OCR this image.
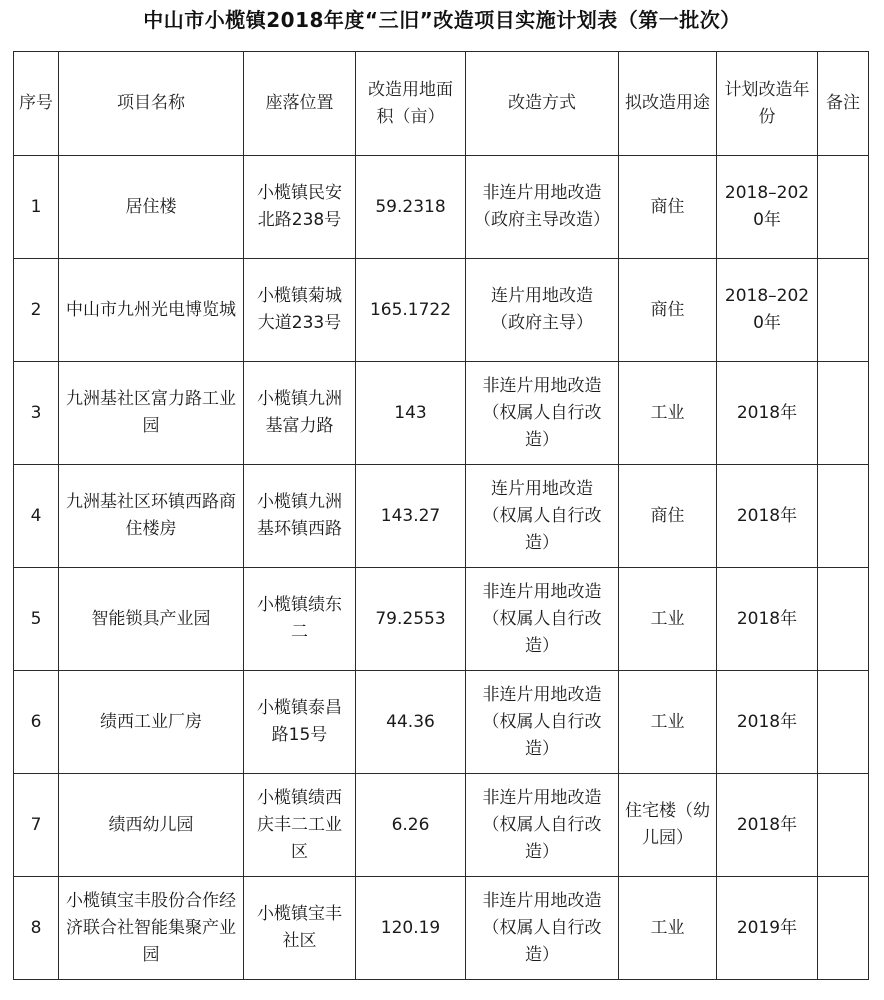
中山市小榄镇2018年度“三旧”改造项目实施计划表（第一批次）
序号	项目名称	座落位置	改造用地面积（亩）	改造方式	拟改造用途	计划改造年份	备注
1	居住楼	小榄镇民安北路238号	59.2318	非连片用地改造　　（政府主导改造）	商住	2018–2020年	
2	中山市九州光电博览城	小榄镇菊城大道233号	165.1722	连片用地改造　　　（政府主导）	商住	2018–2020年	
3	九洲基社区富力路工业园	小榄镇九洲基富力路	143	非连片用地改造（权属人自行改造）	工业	2018年	
4	九洲基社区环镇西路商住楼房	小榄镇九洲基环镇西路	143.27	连片用地改造　（权属人自行改造）	商住	2018年	
5	智能锁具产业园	小榄镇绩东二	79.2553	非连片用地改造　（权属人自行改造）	工业	2018年	
6	绩西工业厂房	小榄镇泰昌路15号	44.36	非连片用地改造　（权属人自行改造）	工业	2018年	
7	绩西幼儿园	小榄镇绩西庆丰二工业区	6.26	非连片用地改造　（权属人自行改造）	住宅楼（幼儿园）	2018年	
8	小榄镇宝丰股份合作经济联合社智能集聚产业园	小榄镇宝丰社区	120.19	非连片用地改造（权属人自行改造）	工业	2019年	
